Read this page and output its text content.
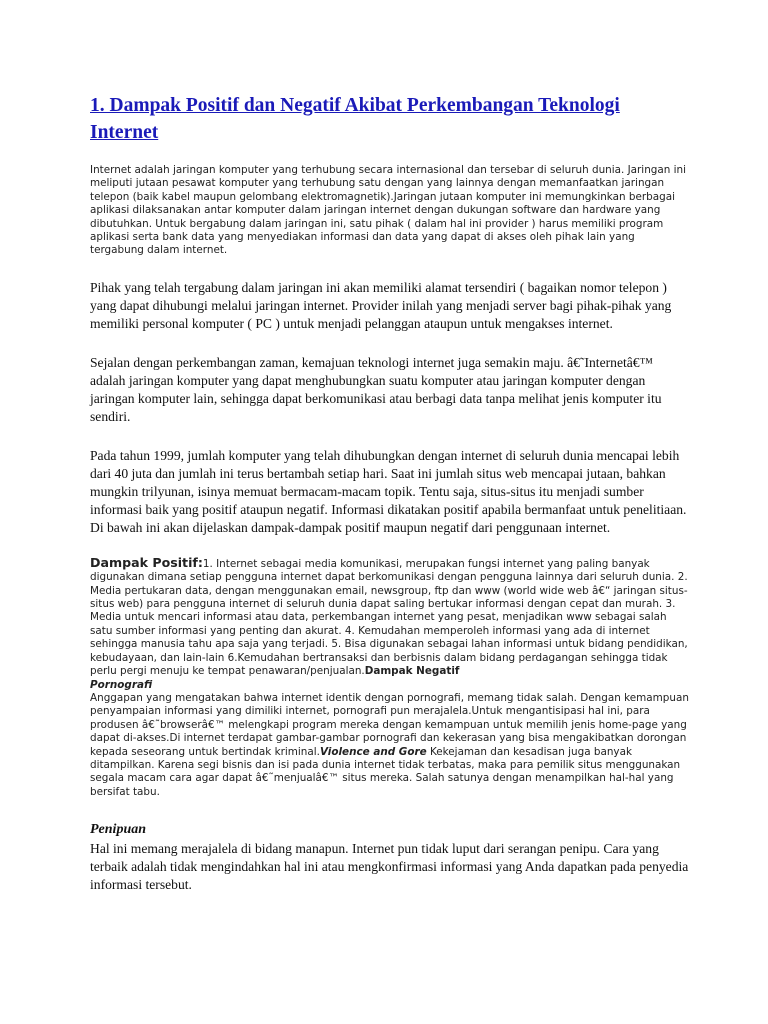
1. Dampak Positif dan Negatif Akibat Perkembangan Teknologi Internet

Internet adalah jaringan komputer yang terhubung secara internasional dan tersebar di seluruh dunia. Jaringan ini meliputi jutaan pesawat komputer yang terhubung satu dengan yang lainnya dengan memanfaatkan jaringan telepon (baik kabel maupun gelombang elektromagnetik).Jaringan jutaan komputer ini memungkinkan berbagai aplikasi dilaksanakan antar komputer dalam jaringan internet dengan dukungan software dan hardware yang dibutuhkan. Untuk bergabung dalam jaringan ini, satu pihak ( dalam hal ini provider ) harus memiliki program aplikasi serta bank data yang menyediakan informasi dan data yang dapat di akses oleh pihak lain yang tergabung dalam internet.

Pihak yang telah tergabung dalam jaringan ini akan memiliki alamat tersendiri ( bagaikan nomor telepon ) yang dapat dihubungi melalui jaringan internet. Provider inilah yang menjadi server bagi pihak-pihak yang memiliki personal komputer ( PC ) untuk menjadi pelanggan ataupun untuk mengakses internet.

Sejalan dengan perkembangan zaman, kemajuan teknologi internet juga semakin maju. â€˜Internetâ€™ adalah jaringan komputer yang dapat menghubungkan suatu komputer atau jaringan komputer dengan jaringan komputer lain, sehingga dapat berkomunikasi atau berbagi data tanpa melihat jenis komputer itu sendiri.

Pada tahun 1999, jumlah komputer yang telah dihubungkan dengan internet di seluruh dunia mencapai lebih dari 40 juta dan jumlah ini terus bertambah setiap hari. Saat ini jumlah situs web mencapai jutaan, bahkan mungkin trilyunan, isinya memuat bermacam-macam topik. Tentu saja, situs-situs itu menjadi sumber informasi baik yang positif ataupun negatif. Informasi dikatakan positif apabila bermanfaat untuk penelitiaan. Di bawah ini akan dijelaskan dampak-dampak positif maupun negatif dari penggunaan internet.

Dampak Positif:1. Internet sebagai media komunikasi, merupakan fungsi internet yang paling banyak digunakan dimana setiap pengguna internet dapat berkomunikasi dengan pengguna lainnya dari seluruh dunia. 2. Media pertukaran data, dengan menggunakan email, newsgroup, ftp dan www (world wide web â€“ jaringan situs-situs web) para pengguna internet di seluruh dunia dapat saling bertukar informasi dengan cepat dan murah. 3. Media untuk mencari informasi atau data, perkembangan internet yang pesat, menjadikan www sebagai salah satu sumber informasi yang penting dan akurat. 4. Kemudahan memperoleh informasi yang ada di internet sehingga manusia tahu apa saja yang terjadi. 5. Bisa digunakan sebagai lahan informasi untuk bidang pendidikan, kebudayaan, dan lain-lain 6.Kemudahan bertransaksi dan berbisnis dalam bidang perdagangan sehingga tidak perlu pergi menuju ke tempat penawaran/penjualan.Dampak Negatif
Pornografi
Anggapan yang mengatakan bahwa internet identik dengan pornografi, memang tidak salah. Dengan kemampuan penyampaian informasi yang dimiliki internet, pornografi pun merajalela.Untuk mengantisipasi hal ini, para produsen â€˜browserâ€™ melengkapi program mereka dengan kemampuan untuk memilih jenis home-page yang dapat di-akses.Di internet terdapat gambar-gambar pornografi dan kekerasan yang bisa mengakibatkan dorongan kepada seseorang untuk bertindak kriminal.Violence and Gore Kekejaman dan kesadisan juga banyak ditampilkan. Karena segi bisnis dan isi pada dunia internet tidak terbatas, maka para pemilik situs menggunakan segala macam cara agar dapat â€˜menjualâ€™ situs mereka. Salah satunya dengan menampilkan hal-hal yang bersifat tabu.

Penipuan

Hal ini memang merajalela di bidang manapun. Internet pun tidak luput dari serangan penipu. Cara yang terbaik adalah tidak mengindahkan hal ini atau mengkonfirmasi informasi yang Anda dapatkan pada penyedia informasi tersebut.
